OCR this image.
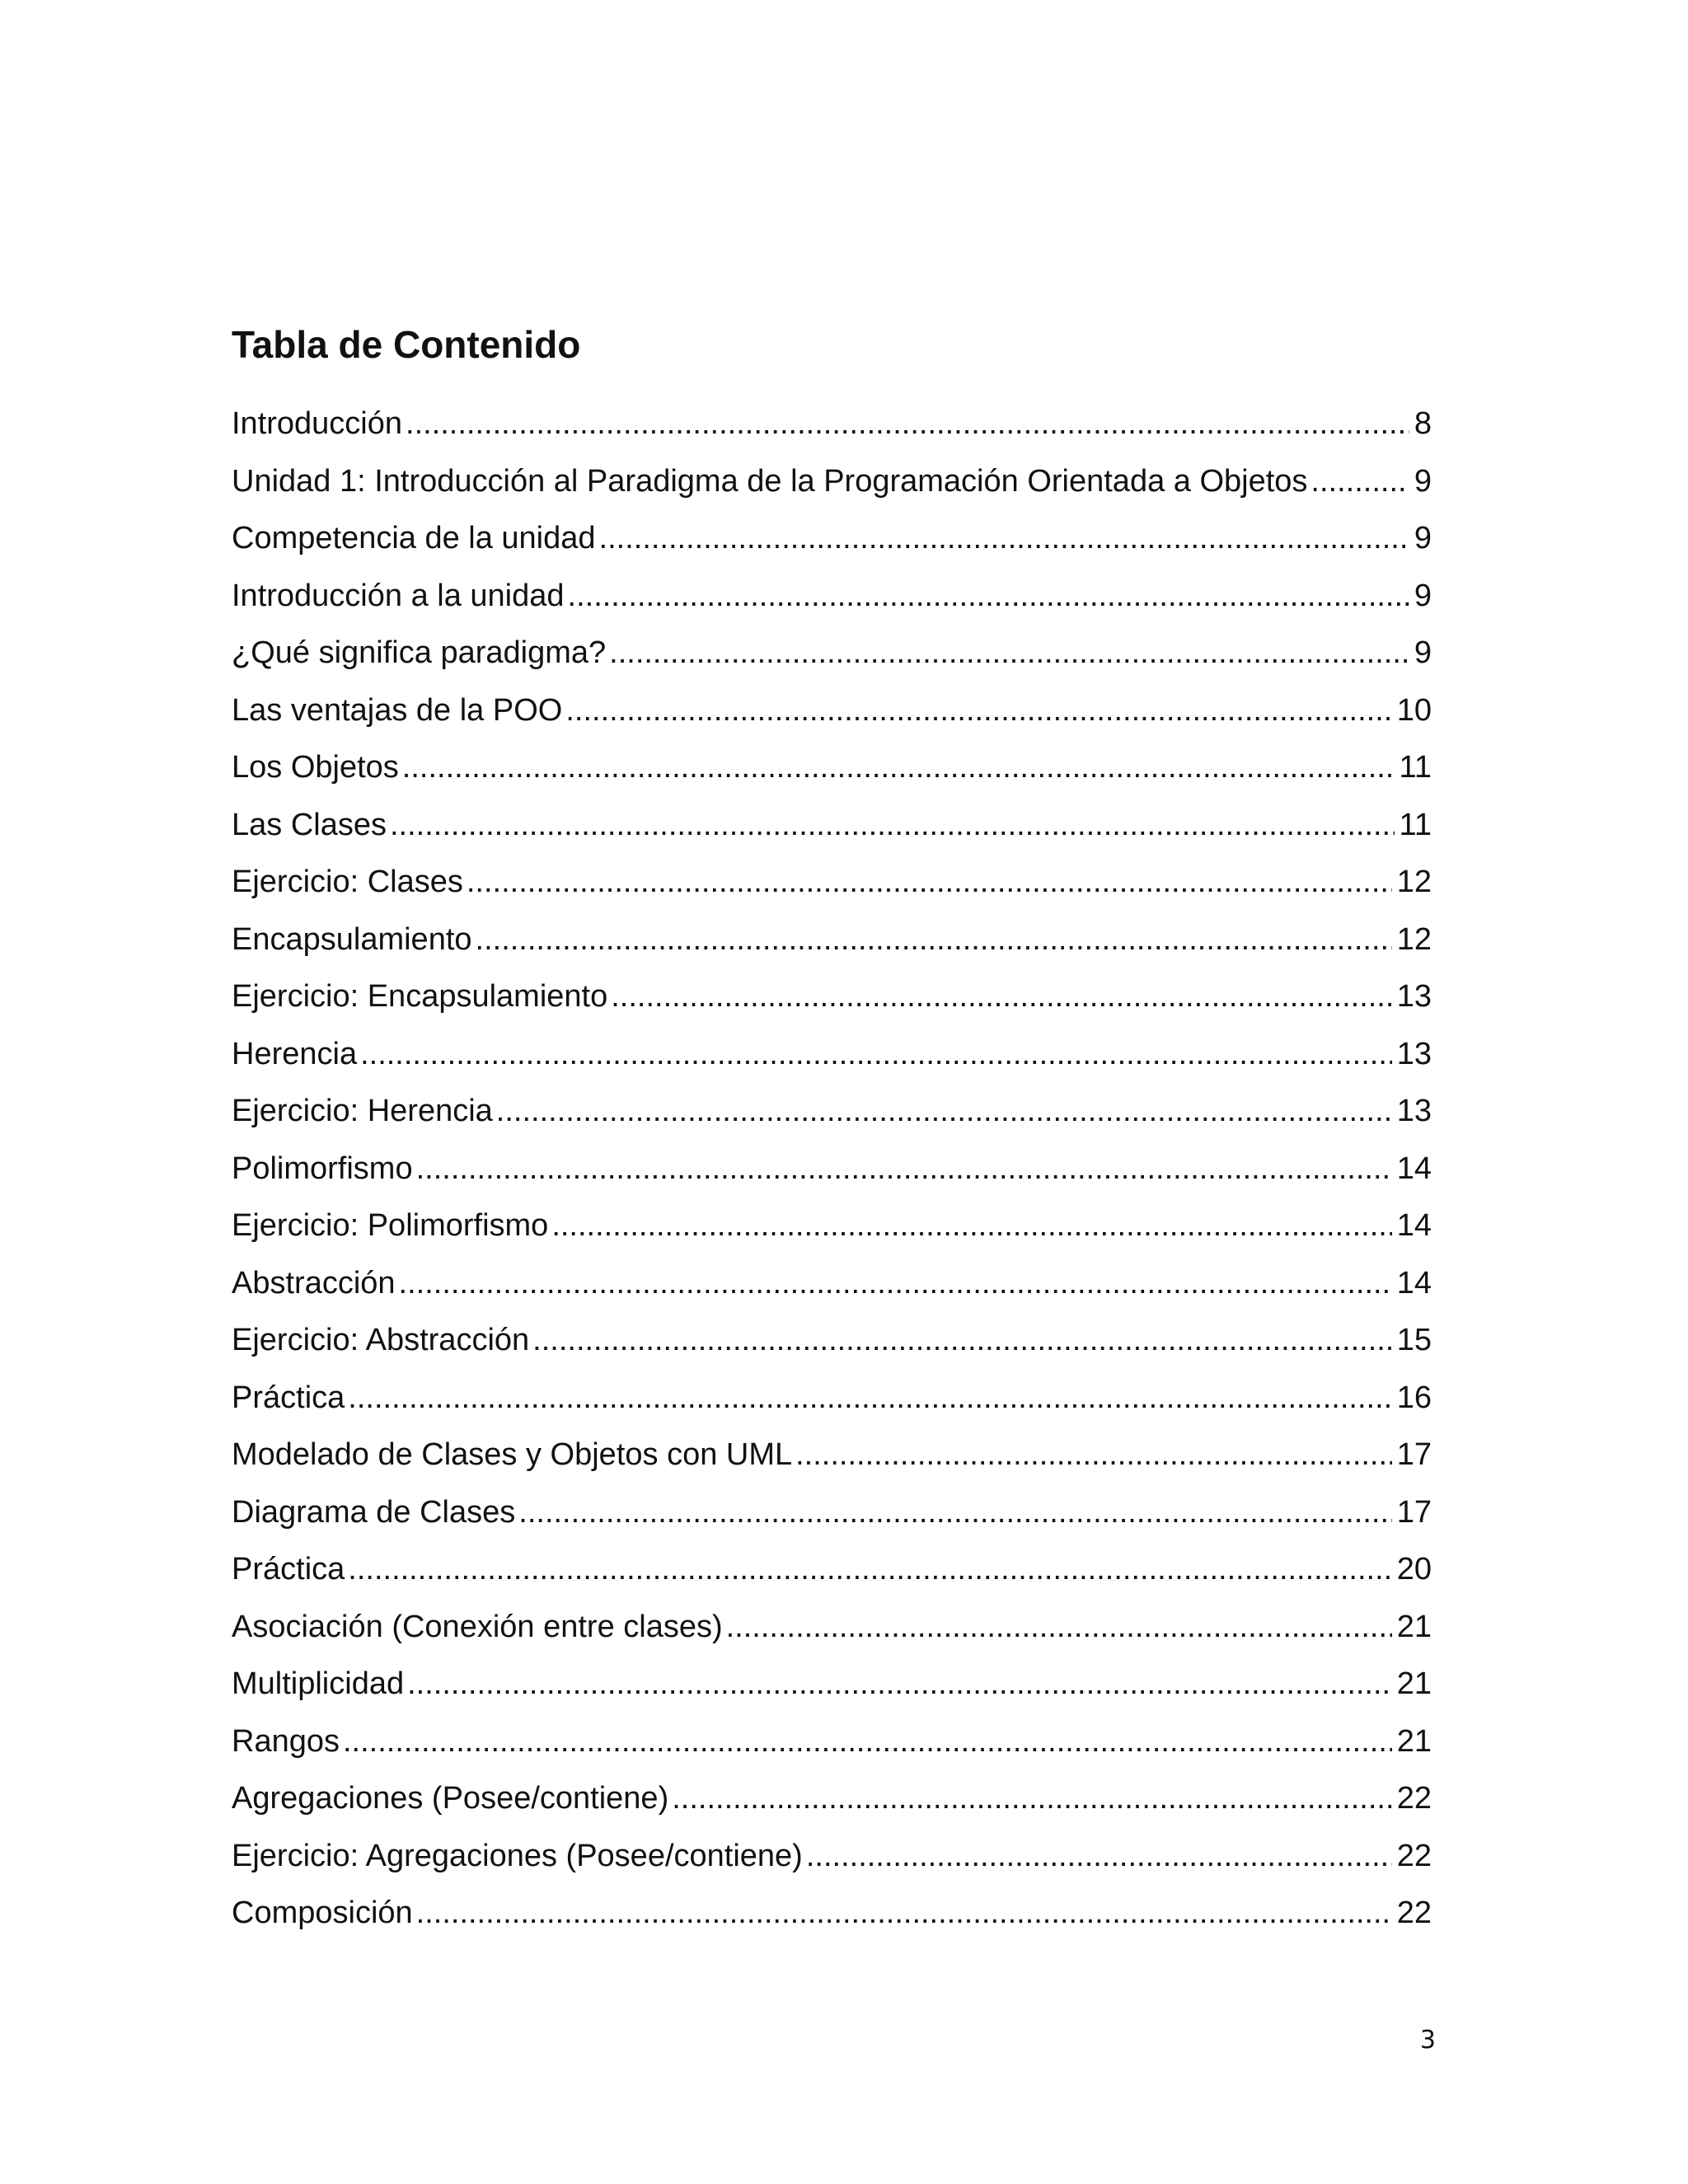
Tabla de Contenido
Introducción .....	8
Unidad 1: Introducción al Paradigma de la Programación Orientada a Objetos .....	9
Competencia de la unidad .....	9
Introducción a la unidad .....	9
¿Qué significa paradigma? .....	9
Las ventajas de la POO .....	10
Los Objetos .....	11
Las Clases .....	11
Ejercicio: Clases .....	12
Encapsulamiento .....	12
Ejercicio: Encapsulamiento .....	13
Herencia .....	13
Ejercicio: Herencia .....	13
Polimorfismo .....	14
Ejercicio: Polimorfismo .....	14
Abstracción .....	14
Ejercicio: Abstracción .....	15
Práctica .....	16
Modelado de Clases y Objetos con UML .....	17
Diagrama de Clases .....	17
Práctica .....	20
Asociación (Conexión entre clases) .....	21
Multiplicidad .....	21
Rangos .....	21
Agregaciones (Posee/contiene) .....	22
Ejercicio: Agregaciones (Posee/contiene) .....	22
Composición .....	22
3
